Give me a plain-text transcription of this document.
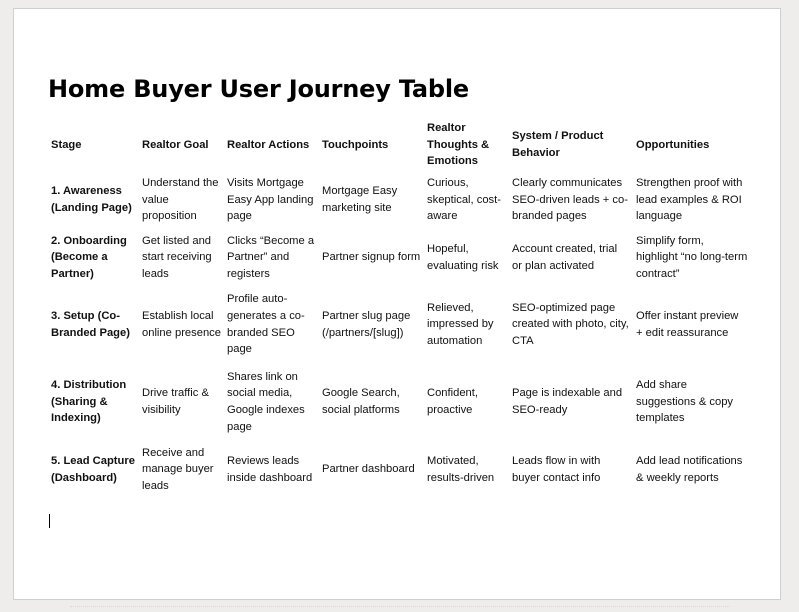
Home Buyer User Journey Table
Stage	Realtor Goal	Realtor Actions	Touchpoints	Realtor Thoughts & Emotions	System / Product Behavior	Opportunities
1. Awareness (Landing Page)	Understand the value proposition	Visits Mortgage Easy App landing page	Mortgage Easy marketing site	Curious, skeptical, cost-aware	Clearly communicates SEO-driven leads + co-branded pages	Strengthen proof with lead examples & ROI language
2. Onboarding (Become a Partner)	Get listed and start receiving leads	Clicks “Become a Partner” and registers	Partner signup form	Hopeful, evaluating risk	Account created, trial or plan activated	Simplify form, highlight “no long-term contract”
3. Setup (Co-Branded Page)	Establish local online presence	Profile auto-generates a co-branded SEO page	Partner slug page (/partners/[slug])	Relieved, impressed by automation	SEO-optimized page created with photo, city, CTA	Offer instant preview + edit reassurance
4. Distribution (Sharing & Indexing)	Drive traffic & visibility	Shares link on social media, Google indexes page	Google Search, social platforms	Confident, proactive	Page is indexable and SEO-ready	Add share suggestions & copy templates
5. Lead Capture (Dashboard)	Receive and manage buyer leads	Reviews leads inside dashboard	Partner dashboard	Motivated, results-driven	Leads flow in with buyer contact info	Add lead notifications & weekly reports
